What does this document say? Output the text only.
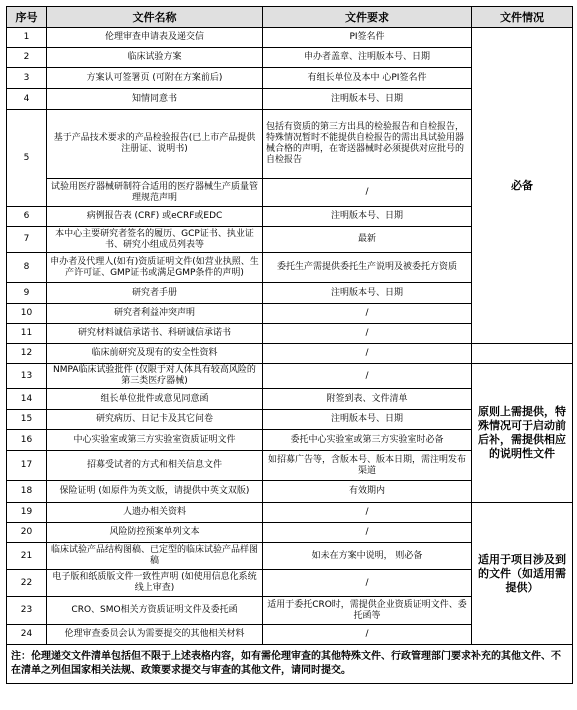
序号	文件名称	文件要求	文件情况
1	伦理审查申请表及递交信	PI签名件	必备
2	临床试验方案	申办者盖章、注明版本号、日期	
3	方案认可签署页 (可附在方案前后)	有组长单位及本中 心PI签名件	
4	知情同意书	注明版本号、日期	
5	基于产品技术要求的产品检验报告(已上市产品提供注册证、说明书)	包括有资质的第三方出具的检验报告和自检报告，特殊情况暂时不能提供自检报告的需出具试验用器械合格的声明，在寄送器械时必须提供对应批号的自检报告	
	试验用医疗器械研制符合适用的医疗器械生产质量管理规范声明	/	
6	病例报告表 (CRF) 或eCRF或EDC	注明版本号、日期	
7	本中心主要研究者签名的履历、GCP证书、执业证书、研究小组成员列表等	最新	
8	申办者及代理人(如有)资质证明文件(如营业执照、生产许可证、GMP证书或满足GMP条件的声明)	委托生产需提供委托生产说明及被委托方资质	
9	研究者手册	注明版本号、日期	
10	研究者利益冲突声明	/	
11	研究材料诚信承诺书、科研诚信承诺书	/	
12	临床前研究及现有的安全性资料	/	
13	NMPA临床试验批件 (仅限于对人体具有较高风险的第三类医疗器械)	/	原则上需提供，特殊情况可于启动前后补，需提供相应的说明性文件
14	组长单位批件或意见同意函	附签到表、文件清单	
15	研究病历、日记卡及其它问卷	注明版本号、日期	
16	中心实验室或第三方实验室资质证明文件	委托中心实验室或第三方实验室时必备	
17	招募受试者的方式和相关信息文件	如招募广告等，含版本号、版本日期，需注明发布渠道	
18	保险证明 (如原件为英文版，请提供中英文双版)	有效期内	
19	人遗办相关资料	/	适用于项目涉及到的文件（如适用需提供）
20	风险防控预案单列文本	/	
21	临床试验产品结构图稿、已定型的临床试验产品样图稿	如未在方案中说明， 则必备	
22	电子版和纸质版文件一致性声明 (如使用信息化系统线上审查)	/	
23	CRO、SMO相关方资质证明文件及委托函	适用于委托CRO时，需提供企业资质证明文件、委托函等	
24	伦理审查委员会认为需要提交的其他相关材料	/	
注：伦理递交文件清单包括但不限于上述表格内容，如有需伦理审查的其他特殊文件、行政管理部门要求补充的其他文件、不在清单之列但国家相关法规、政策要求提交与审查的其他文件，请同时提交。			
